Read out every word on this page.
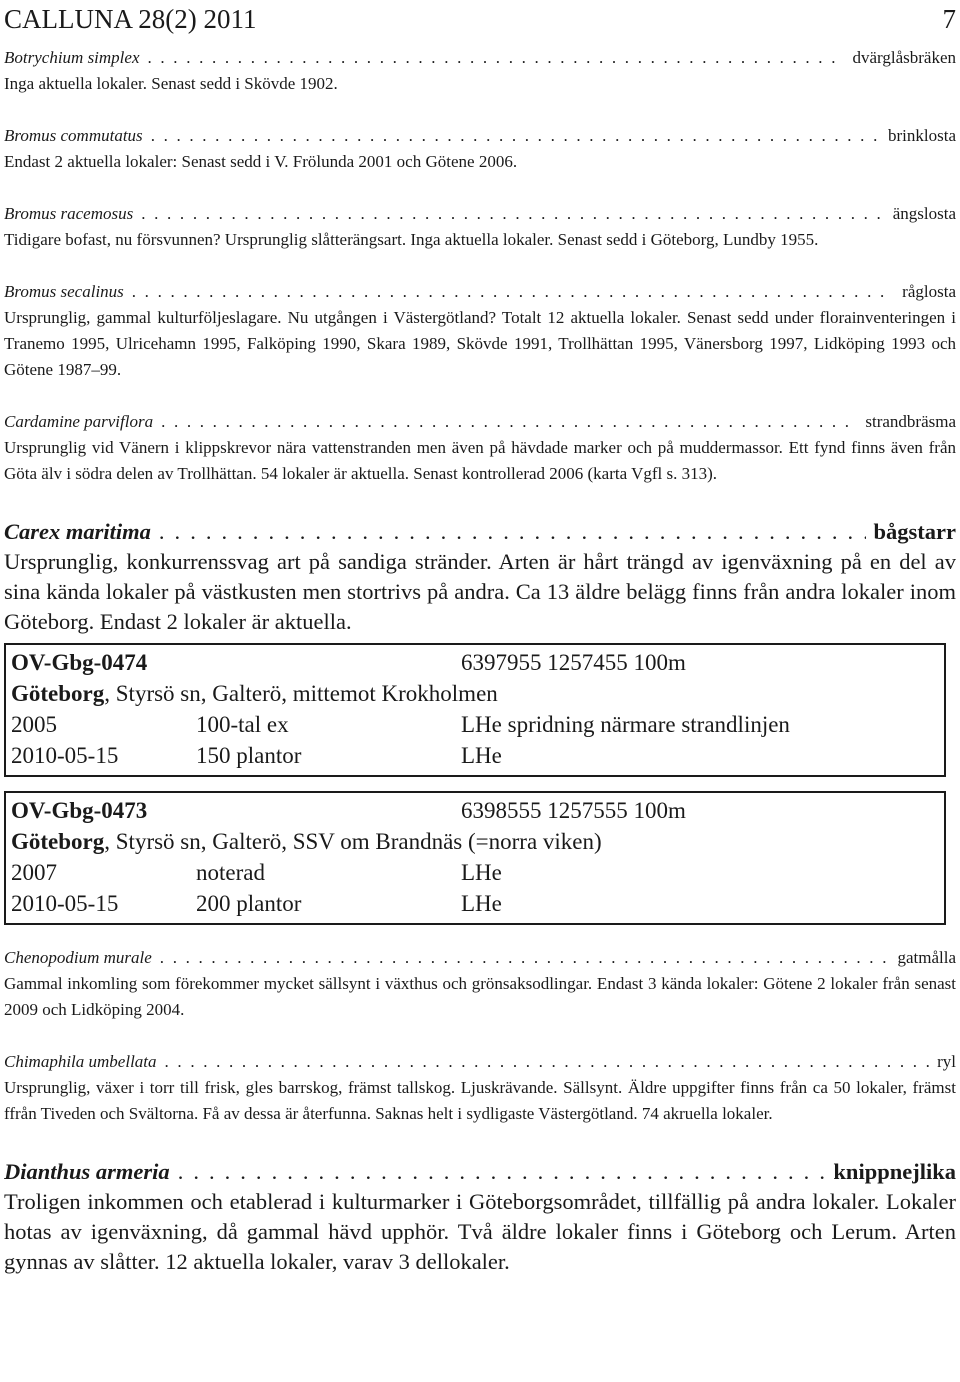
CALLUNA 28(2) 2011	7
Botrychium simplex . . .	dvärglåsbräken
Inga aktuella lokaler. Senast sedd i Skövde 1902.
Bromus commutatus . . .	brinklosta
Endast 2 aktuella lokaler: Senast sedd i V. Frölunda 2001 och Götene 2006.
Bromus racemosus . . .	ängslosta
Tidigare bofast, nu försvunnen? Ursprunglig slåtterängsart. Inga aktuella lokaler. Senast sedd i Göteborg, Lundby 1955.
Bromus secalinus . . .	råglosta
Ursprunglig, gammal kulturföljeslagare. Nu utgången i Västergötland? Totalt 12 aktuella lokaler. Senast sedd under florainventeringen i Tranemo 1995, Ulricehamn 1995, Falköping 1990, Skara 1989, Skövde 1991, Trollhättan 1995, Vänersborg 1997, Lidköping 1993 och Götene 1987–99.
Cardamine parviflora . . .	strandbräsma
Ursprunglig vid Vänern i klippskrevor nära vattenstranden men även på hävdade marker och på muddermassor. Ett fynd finns även från Göta älv i södra delen av Trollhättan. 54 lokaler är aktuella. Senast kontrollerad 2006 (karta Vgfl s. 313).
Carex maritima . . .	bågstarr
Ursprunglig, konkurrenssvag art på sandiga stränder. Arten är hårt trängd av igenväxning på en del av sina kända lokaler på västkusten men stortrivs på andra. Ca 13 äldre belägg finns från andra lokaler inom Göteborg. Endast 2 lokaler är aktuella.
OV-Gbg-0474	6397955 1257455 100m
Göteborg , Styrsö sn, Galterö, mittemot Krokholmen
2005	100-tal ex	LHe spridning närmare strandlinjen
2010-05-15	150 plantor	LHe
OV-Gbg-0473	6398555 1257555 100m
Göteborg , Styrsö sn, Galterö, SSV om Brandnäs (=norra viken)
2007	noterad	LHe
2010-05-15	200 plantor	LHe
Chenopodium murale . . .	gatmålla
Gammal inkomling som förekommer mycket sällsynt i växthus och grönsaksodlingar. Endast 3 kända lokaler: Götene 2 lokaler från senast 2009 och Lidköping 2004.
Chimaphila umbellata . . .	ryl
Ursprunglig, växer i torr till frisk, gles barrskog, främst tallskog. Ljuskrävande. Sällsynt. Äldre uppgifter finns från ca 50 lokaler, främst ffrån Tiveden och Svältorna. Få av dessa är återfunna. Saknas helt i sydligaste Västergötland. 74 akruella lokaler.
Dianthus armeria . . .	knippnejlika
Troligen inkommen och etablerad i kulturmarker i Göteborgsområdet, tillfällig på andra lokaler. Lokaler hotas av igenväxning, då gammal hävd upphör. Två äldre lokaler finns i Göteborg och Lerum. Arten gynnas av slåtter. 12 aktuella lokaler, varav 3 dellokaler.
